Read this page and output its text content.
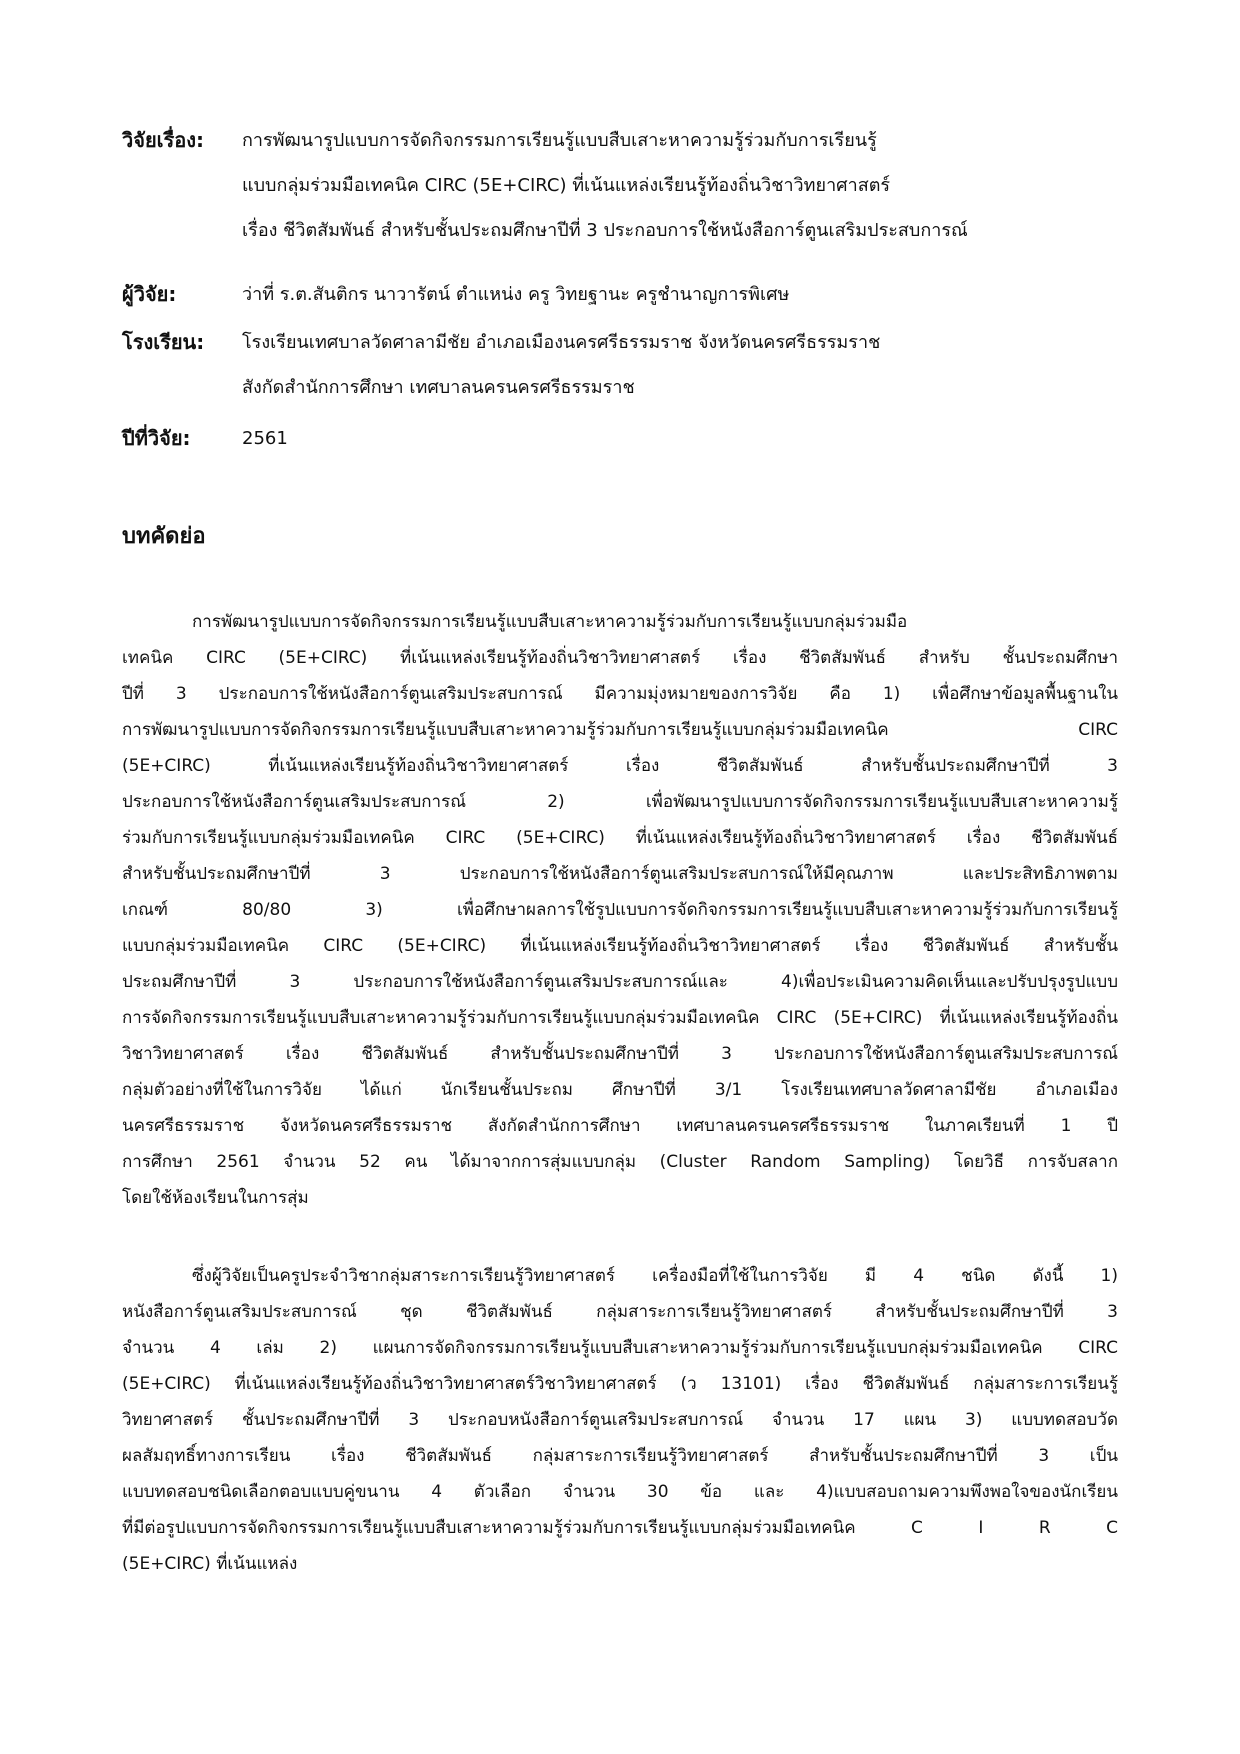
วิจัยเรื่อง: การพัฒนารูปแบบการจัดกิจกรรมการเรียนรู้แบบสืบเสาะหาความรู้ร่วมกับการเรียนรู้
แบบกลุ่มร่วมมือเทคนิค CIRC (5E+CIRC) ที่เน้นแหล่งเรียนรู้ท้องถิ่นวิชาวิทยาศาสตร์
เรื่อง ชีวิตสัมพันธ์ สำหรับชั้นประถมศึกษาปีที่ 3 ประกอบการใช้หนังสือการ์ตูนเสริมประสบการณ์
ผู้วิจัย:	ว่าที่ ร.ต.สันติกร นาวารัตน์ ตำแหน่ง ครู วิทยฐานะ ครูชำนาญการพิเศษ
โรงเรียน: โรงเรียนเทศบาลวัดศาลามีชัย อำเภอเมืองนครศรีธรรมราช จังหวัดนครศรีธรรมราช
สังกัดสำนักการศึกษา เทศบาลนครนครศรีธรรมราช
ปีที่วิจัย:	2561
บทคัดย่อ
การพัฒนารูปแบบการจัดกิจกรรมการเรียนรู้แบบสืบเสาะหาความรู้ร่วมกับการเรียนรู้แบบกลุ่มร่วมมือ
เทคนิค CIRC (5E+CIRC) ที่เน้นแหล่งเรียนรู้ท้องถิ่นวิชาวิทยาศาสตร์ เรื่อง ชีวิตสัมพันธ์ สำหรับ ชั้นประถมศึกษา
ปีที่ 3 ประกอบการใช้หนังสือการ์ตูนเสริมประสบการณ์ มีความมุ่งหมายของการวิจัย คือ 1) เพื่อศึกษาข้อมูลพื้นฐานใน
การพัฒนารูปแบบการจัดกิจกรรมการเรียนรู้แบบสืบเสาะหาความรู้ร่วมกับการเรียนรู้แบบกลุ่มร่วมมือเทคนิค CIRC
(5E+CIRC) ที่เน้นแหล่งเรียนรู้ท้องถิ่นวิชาวิทยาศาสตร์ เรื่อง ชีวิตสัมพันธ์ สำหรับชั้นประถมศึกษาปีที่ 3
ประกอบการใช้หนังสือการ์ตูนเสริมประสบการณ์ 2) เพื่อพัฒนารูปแบบการจัดกิจกรรมการเรียนรู้แบบสืบเสาะหาความรู้
ร่วมกับการเรียนรู้แบบกลุ่มร่วมมือเทคนิค CIRC (5E+CIRC) ที่เน้นแหล่งเรียนรู้ท้องถิ่นวิชาวิทยาศาสตร์ เรื่อง ชีวิตสัมพันธ์
สำหรับชั้นประถมศึกษาปีที่ 3 ประกอบการใช้หนังสือการ์ตูนเสริมประสบการณ์ให้มีคุณภาพ และประสิทธิภาพตาม
เกณฑ์ 80/80 3) เพื่อศึกษาผลการใช้รูปแบบการจัดกิจกรรมการเรียนรู้แบบสืบเสาะหาความรู้ร่วมกับการเรียนรู้
แบบกลุ่มร่วมมือเทคนิค CIRC (5E+CIRC) ที่เน้นแหล่งเรียนรู้ท้องถิ่นวิชาวิทยาศาสตร์ เรื่อง ชีวิตสัมพันธ์ สำหรับชั้น
ประถมศึกษาปีที่ 3 ประกอบการใช้หนังสือการ์ตูนเสริมประสบการณ์และ 4)เพื่อประเมินความคิดเห็นและปรับปรุงรูปแบบ
การจัดกิจกรรมการเรียนรู้แบบสืบเสาะหาความรู้ร่วมกับการเรียนรู้แบบกลุ่มร่วมมือเทคนิค CIRC (5E+CIRC) ที่เน้นแหล่งเรียนรู้ท้องถิ่น
วิชาวิทยาศาสตร์ เรื่อง ชีวิตสัมพันธ์ สำหรับชั้นประถมศึกษาปีที่ 3 ประกอบการใช้หนังสือการ์ตูนเสริมประสบการณ์
กลุ่มตัวอย่างที่ใช้ในการวิจัย ได้แก่ นักเรียนชั้นประถม ศึกษาปีที่ 3/1 โรงเรียนเทศบาลวัดศาลามีชัย อำเภอเมือง
นครศรีธรรมราช จังหวัดนครศรีธรรมราช สังกัดสำนักการศึกษา เทศบาลนครนครศรีธรรมราช ในภาคเรียนที่ 1 ปี
การศึกษา 2561 จำนวน 52 คน ได้มาจากการสุ่มแบบกลุ่ม (Cluster Random Sampling) โดยวิธี การจับสลาก
โดยใช้ห้องเรียนในการสุ่ม
ซึ่งผู้วิจัยเป็นครูประจำวิชากลุ่มสาระการเรียนรู้วิทยาศาสตร์ เครื่องมือที่ใช้ในการวิจัย มี 4 ชนิด ดังนี้ 1)
หนังสือการ์ตูนเสริมประสบการณ์ ชุด ชีวิตสัมพันธ์ กลุ่มสาระการเรียนรู้วิทยาศาสตร์ สำหรับชั้นประถมศึกษาปีที่ 3
จำนวน 4 เล่ม 2) แผนการจัดกิจกรรมการเรียนรู้แบบสืบเสาะหาความรู้ร่วมกับการเรียนรู้แบบกลุ่มร่วมมือเทคนิค CIRC
(5E+CIRC) ที่เน้นแหล่งเรียนรู้ท้องถิ่นวิชาวิทยาศาสตร์วิชาวิทยาศาสตร์ (ว 13101) เรื่อง ชีวิตสัมพันธ์ กลุ่มสาระการเรียนรู้
วิทยาศาสตร์ ชั้นประถมศึกษาปีที่ 3 ประกอบหนังสือการ์ตูนเสริมประสบการณ์ จำนวน 17 แผน 3) แบบทดสอบวัด
ผลสัมฤทธิ์ทางการเรียน เรื่อง ชีวิตสัมพันธ์ กลุ่มสาระการเรียนรู้วิทยาศาสตร์ สำหรับชั้นประถมศึกษาปีที่ 3 เป็น
แบบทดสอบชนิดเลือกตอบแบบคู่ขนาน 4 ตัวเลือก จำนวน 30 ข้อ และ 4)แบบสอบถามความพึงพอใจของนักเรียน
ที่มีต่อรูปแบบการจัดกิจกรรมการเรียนรู้แบบสืบเสาะหาความรู้ร่วมกับการเรียนรู้แบบกลุ่มร่วมมือเทคนิค C I R C
(5E+CIRC) ที่เน้นแหล่ง
